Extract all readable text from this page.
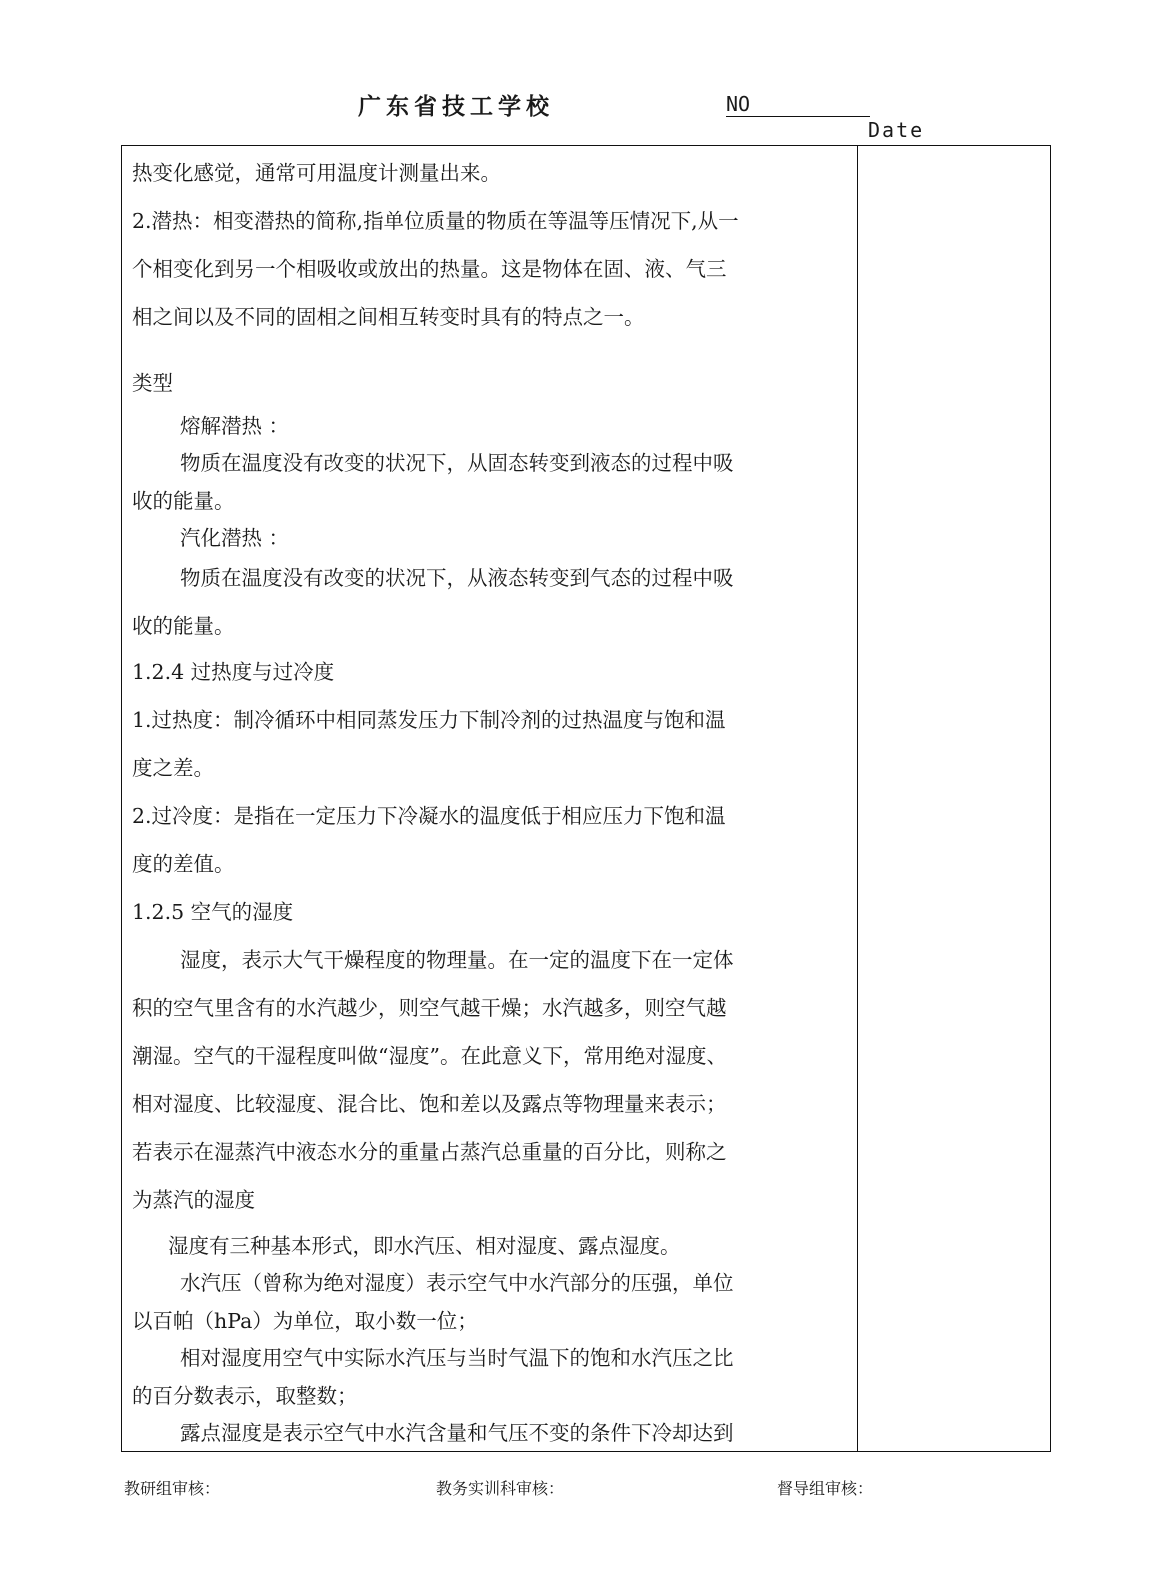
广东省技工学校	NO
Date
热变化感觉，通常可用温度计测量出来。
2.潜热：相变潜热的简称,指单位质量的物质在等温等压情况下,从一
个相变化到另一个相吸收或放出的热量。这是物体在固、液、气三
相之间以及不同的固相之间相互转变时具有的特点之一。
类型
熔解潜热 ：
物质在温度没有改变的状况下，从固态转变到液态的过程中吸
收的能量。
汽化潜热 ：
物质在温度没有改变的状况下，从液态转变到气态的过程中吸
收的能量。
1.2.4 过热度与过冷度
1.过热度：制冷循环中相同蒸发压力下制冷剂的过热温度与饱和温
度之差。
2.过冷度：是指在一定压力下冷凝水的温度低于相应压力下饱和温
度的差值。
1.2.5 空气的湿度
湿度，表示大气干燥程度的物理量。在一定的温度下在一定体
积的空气里含有的水汽越少，则空气越干燥；水汽越多，则空气越
潮湿。空气的干湿程度叫做“湿度”。在此意义下，常用绝对湿度、
相对湿度、比较湿度、混合比、饱和差以及露点等物理量来表示；
若表示在湿蒸汽中液态水分的重量占蒸汽总重量的百分比，则称之
为蒸汽的湿度
湿度有三种基本形式，即水汽压、相对湿度、露点湿度。
水汽压（曾称为绝对湿度）表示空气中水汽部分的压强，单位
以百帕（hPa）为单位，取小数一位；
相对湿度用空气中实际水汽压与当时气温下的饱和水汽压之比
的百分数表示，取整数；
露点湿度是表示空气中水汽含量和气压不变的条件下冷却达到
教研组审核：	教务实训科审核：	督导组审核：
